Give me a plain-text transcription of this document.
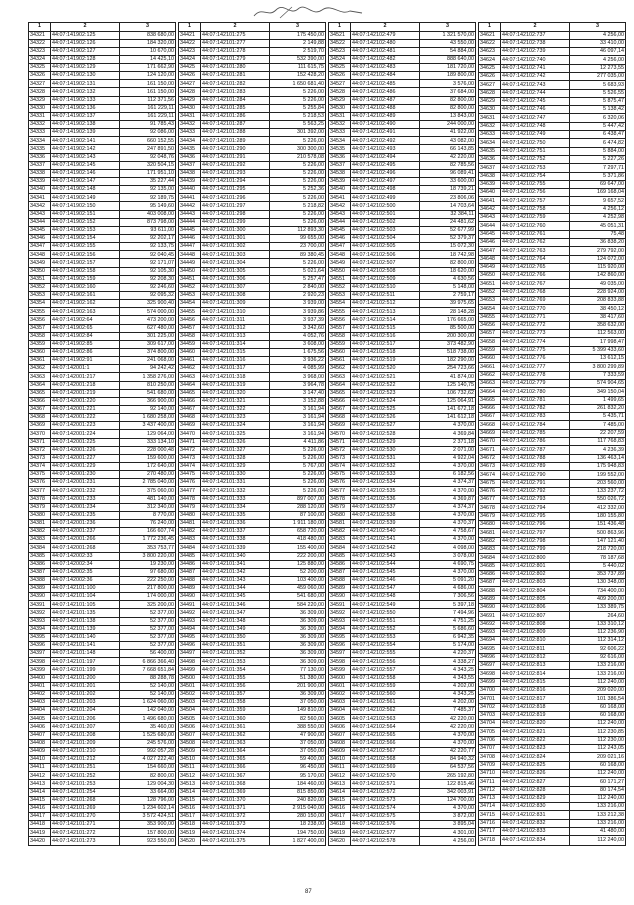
1	2	3
34321	44:07:141902:125	838 680,00
34322	44:07:141902:126	184 320,00
34323	44:07:141902:127	10 670,00
34324	44:07:141902:128	14 425,10
34325	44:07:141902:129	171 662,90
34326	44:07:141902:130	124 120,00
34327	44:07:141902:131	161 150,00
34328	44:07:141902:132	161 150,00
34329	44:07:141902:133	112 371,56
34330	44:07:141902:136	161 229,11
34331	44:07:141902:137	161 229,11
34332	44:07:141902:138	91 785,43
34333	44:07:141902:139	92 086,00
34334	44:07:141902:141	660 152,55
34335	44:07:141902:142	247 891,50
34336	44:07:141902:143	92 048,76
34337	44:07:141902:145	320 504,15
34338	44:07:141902:146	171 951,10
34339	44:07:141902:147	35 227,44
34340	44:07:141902:148	92 135,00
34341	44:07:141902:149	92 189,75
34342	44:07:141902:150	95 149,60
34343	44:07:141902:151	403 008,00
34344	44:07:141902:152	873 798,00
34345	44:07:141902:153	93 611,00
34346	44:07:141902:154	92 202,17
34347	44:07:141902:155	92 133,75
34348	44:07:141902:156	92 040,45
34349	44:07:141902:157	92 171,07
34350	44:07:141902:158	92 105,30
34351	44:07:141902:159	92 208,30
34352	44:07:141902:160	92 246,60
34353	44:07:141902:161	92 095,32
34354	44:07:141902:162	325 900,40
34355	44:07:141902:163	574 000,00
34356	44:07:141902:64	473 200,00
34357	44:07:141902:65	627 480,00
34358	44:07:141902:84	301 225,00
34359	44:07:141902:85	309 617,00
34360	44:07:141902:86	374 800,00
34361	44:07:141902:91	241 068,00
34362	44:07:142001:1	94 242,42
34363	44:07:142001:217	1 358 276,00
34364	44:07:142001:218	810 250,00
34365	44:07:142001:219	541 680,00
34366	44:07:142001:220	366 900,00
34367	44:07:142001:221	92 140,00
34368	44:07:142001:222	1 680 258,00
34369	44:07:142001:223	3 437 400,00
34370	44:07:142001:224	129 064,00
34371	44:07:142001:225	333 134,10
34372	44:07:142001:226	228 000,48
34373	44:07:142001:227	159 600,00
34374	44:07:142001:229	172 640,00
34375	44:07:142001:230	270 480,00
34376	44:07:142001:231	2 785 040,00
34377	44:07:142001:232	375 060,00
34378	44:07:142001:233	481 140,00
34379	44:07:142001:234	312 340,00
34380	44:07:142001:235	8 770,00
34381	44:07:142001:236	76 240,00
34382	44:07:142001:237	166 607,74
34383	44:07:142001:266	1 772 236,45
34384	44:07:142001:268	353 753,77
34385	44:07:142002:33	3 800 220,00
34386	44:07:142002:34	19 230,00
34387	44:07:142002:35	97 680,00
34388	44:07:142002:36	222 250,00
34389	44:07:142101:100	217 800,00
34390	44:07:142101:104	174 000,00
34391	44:07:142101:105	325 200,00
34392	44:07:142101:135	52 377,00
34393	44:07:142101:138	52 377,00
34394	44:07:142101:139	52 377,00
34395	44:07:142101:140	52 377,00
34396	44:07:142101:141	52 377,00
34397	44:07:142101:148	56 400,00
34398	44:07:142101:197	6 866 366,40
34399	44:07:142101:199	7 668 651,84
34400	44:07:142101:200	88 288,78
34401	44:07:142101:201	52 140,00
34402	44:07:142101:202	52 140,00
34403	44:07:142101:203	1 624 060,00
34404	44:07:142101:204	142 040,00
34405	44:07:142101:206	1 496 680,00
34406	44:07:142101:207	35 460,00
34407	44:07:142101:208	1 525 680,00
34408	44:07:142101:209	245 576,00
34409	44:07:142101:210	992 057,28
34410	44:07:142101:212	4 027 222,40
34411	44:07:142101:251	154 660,00
34412	44:07:142101:252	82 800,00
34413	44:07:142101:253	129 004,30
34414	44:07:142101:254	33 664,00
34415	44:07:142101:268	128 796,00
34416	44:07:142101:269	1 234 602,14
34417	44:07:142101:270	3 572 424,51
34418	44:07:142101:271	353 900,00
34419	44:07:142101:272	157 800,00
34420	44:07:142101:273	923 550,00
1	2	3
34421	44:07:142101:275	175 450,00
34422	44:07:142101:277	2 149,88
34423	44:07:142101:278	2 519,70
34424	44:07:142101:279	532 390,00
34425	44:07:142101:280	111 615,75
34426	44:07:142101:281	152 428,20
34427	44:07:142101:282	1 650 681,40
34428	44:07:142101:283	5 226,00
34429	44:07:142101:284	5 226,00
34430	44:07:142101:285	5 255,84
34431	44:07:142101:286	5 218,53
34432	44:07:142101:287	5 563,25
34433	44:07:142101:288	301 392,00
34434	44:07:142101:289	5 226,00
34435	44:07:142101:290	300 300,00
34436	44:07:142101:291	210 578,08
34437	44:07:142101:292	5 226,00
34438	44:07:142101:293	5 226,00
34439	44:07:142101:294	5 226,00
34440	44:07:142101:295	5 252,36
34441	44:07:142101:296	5 226,00
34442	44:07:142101:297	5 218,82
34443	44:07:142101:298	5 226,00
34444	44:07:142101:299	5 226,00
34445	44:07:142101:300	112 893,30
34446	44:07:142101:301	99 655,00
34447	44:07:142101:302	23 700,00
34448	44:07:142101:303	89 380,45
34449	44:07:142101:304	5 226,00
34450	44:07:142101:305	5 021,64
34451	44:07:142101:306	5 257,47
34452	44:07:142101:307	2 840,00
34453	44:07:142101:308	2 920,23
34454	44:07:142101:309	3 939,00
34455	44:07:142101:310	3 939,86
34456	44:07:142101:311	3 937,39
34457	44:07:142101:312	3 342,60
34458	44:07:142101:313	4 052,76
34459	44:07:142101:314	3 608,00
34460	44:07:142101:315	1 675,56
34461	44:07:142101:316	3 936,22
34462	44:07:142101:317	4 085,99
34463	44:07:142101:318	3 968,00
34464	44:07:142101:319	3 964,78
34465	44:07:142101:320	3 147,40
34466	44:07:142101:321	3 152,88
34467	44:07:142101:322	3 161,94
34468	44:07:142101:323	3 161,94
34469	44:07:142101:324	3 161,94
34470	44:07:142101:325	3 161,94
34471	44:07:142101:326	4 411,86
34472	44:07:142101:327	5 226,00
34473	44:07:142101:328	5 226,00
34474	44:07:142101:329	5 767,00
34475	44:07:142101:330	5 226,00
34476	44:07:142101:331	5 226,00
34477	44:07:142101:332	5 226,00
34478	44:07:142101:333	897 007,00
34479	44:07:142101:334	288 120,00
34480	44:07:142101:335	87 100,00
34481	44:07:142101:336	1 911 180,00
34482	44:07:142101:337	658 720,00
34483	44:07:142101:338	418 480,00
34484	44:07:142101:339	155 400,00
34485	44:07:142101:340	222 200,00
34486	44:07:142101:341	125 880,00
34487	44:07:142101:342	52 200,00
34488	44:07:142101:343	103 400,00
34489	44:07:142101:344	459 060,00
34490	44:07:142101:345	541 680,00
34491	44:07:142101:346	584 220,00
34492	44:07:142101:347	36 309,00
34493	44:07:142101:348	36 309,00
34494	44:07:142101:349	36 309,00
34495	44:07:142101:350	36 309,00
34496	44:07:142101:351	36 309,00
34497	44:07:142101:352	36 309,00
34498	44:07:142101:353	36 309,00
34499	44:07:142101:354	77 130,00
34500	44:07:142101:355	51 380,00
34501	44:07:142101:356	201 900,00
34502	44:07:142101:357	36 309,00
34503	44:07:142101:358	37 050,00
34504	44:07:142101:359	149 810,00
34505	44:07:142101:360	82 560,00
34506	44:07:142101:361	388 550,00
34507	44:07:142101:362	47 900,00
34508	44:07:142101:363	37 050,00
34509	44:07:142101:364	37 050,00
34510	44:07:142101:365	59 400,00
34511	44:07:142101:366	96 450,00
34512	44:07:142101:367	95 170,00
34513	44:07:142101:368	184 460,00
34514	44:07:142101:369	815 850,00
34515	44:07:142101:370	240 820,00
34516	44:07:142101:371	2 915 040,00
34517	44:07:142101:372	280 150,00
34518	44:07:142101:373	18 238,00
34519	44:07:142101:374	194 750,00
34520	44:07:142101:375	1 827 400,00
1	2	3
34521	44:07:142102:479	1 321 570,00
34522	44:07:142102:480	43 550,00
34523	44:07:142102:481	54 884,00
34524	44:07:142102:482	888 640,00
34525	44:07:142102:483	181 720,00
34526	44:07:142102:484	189 800,00
34527	44:07:142102:485	3 576,00
34528	44:07:142102:486	37 684,00
34529	44:07:142102:487	82 800,00
34530	44:07:142102:488	82 800,00
34531	44:07:142102:489	13 843,00
34532	44:07:142102:490	244 000,00
34533	44:07:142102:491	41 922,00
34534	44:07:142102:492	43 082,00
34535	44:07:142102:493	66 143,85
34536	44:07:142102:494	42 220,00
34537	44:07:142102:495	82 785,56
34538	44:07:142102:496	96 089,41
34539	44:07:142102:497	33 600,00
34540	44:07:142102:498	18 739,21
34541	44:07:142102:499	23 806,06
34542	44:07:142102:500	14 703,64
34543	44:07:142102:501	32 384,11
34544	44:07:142102:502	24 481,62
34545	44:07:142102:503	52 677,99
34546	44:07:142102:504	52 379,37
34547	44:07:142102:505	15 072,30
34548	44:07:142102:506	18 742,98
34549	44:07:142102:507	82 800,00
34550	44:07:142102:508	18 620,00
34551	44:07:142102:509	4 630,56
34552	44:07:142102:510	5 148,00
34553	44:07:142102:511	2 759,17
34554	44:07:142102:512	39 975,65
34555	44:07:142102:513	28 148,28
34556	44:07:142102:514	176 665,00
34557	44:07:142102:515	85 500,00
34558	44:07:142102:516	200 300,00
34559	44:07:142102:517	373 482,90
34560	44:07:142102:518	518 738,00
34561	44:07:142102:519	182 290,00
34562	44:07:142102:520	254 723,66
34563	44:07:142102:521	41 874,00
34564	44:07:142102:522	125 140,75
34565	44:07:142102:523	106 732,62
34566	44:07:142102:524	125 064,91
34567	44:07:142102:525	141 672,18
34568	44:07:142102:526	141 612,18
34569	44:07:142102:527	4 370,00
34570	44:07:142102:528	4 369,84
34571	44:07:142102:529	2 371,18
34572	44:07:142102:530	2 071,00
34573	44:07:142102:531	4 922,04
34574	44:07:142102:532	4 370,00
34575	44:07:142102:533	6 182,56
34576	44:07:142102:534	4 374,37
34577	44:07:142102:535	4 370,00
34578	44:07:142102:536	4 369,87
34579	44:07:142102:537	4 374,37
34580	44:07:142102:538	4 370,00
34581	44:07:142102:539	4 370,37
34582	44:07:142102:540	4 758,67
34583	44:07:142102:541	4 370,00
34584	44:07:142102:542	4 098,00
34585	44:07:142102:543	3 078,00
34586	44:07:142102:544	4 690,75
34587	44:07:142102:545	4 370,00
34588	44:07:142102:546	5 091,20
34589	44:07:142102:547	4 686,00
34590	44:07:142102:548	7 306,56
34591	44:07:142102:549	5 397,18
34592	44:07:142102:550	7 494,96
34593	44:07:142102:551	4 751,25
34594	44:07:142102:552	5 686,60
34595	44:07:142102:553	6 942,35
34596	44:07:142102:554	5 174,00
34597	44:07:142102:555	4 220,37
34598	44:07:142102:556	4 338,27
34599	44:07:142102:557	4 343,25
34600	44:07:142102:558	4 343,55
34601	44:07:142102:559	4 202,00
34602	44:07:142102:560	4 343,25
34603	44:07:142102:561	4 202,00
34604	44:07:142102:562	7 485,37
34605	44:07:142102:563	42 220,00
34606	44:07:142102:564	42 220,00
34607	44:07:142102:565	4 370,00
34608	44:07:142102:566	4 370,00
34609	44:07:142102:567	42 220,77
34610	44:07:142102:568	84 940,32
34611	44:07:142102:569	64 537,56
34612	44:07:142102:570	265 192,80
34613	44:07:142102:571	122 815,46
34614	44:07:142102:572	342 003,91
34615	44:07:142102:573	124 700,00
34616	44:07:142102:574	4 370,00
34617	44:07:142102:575	3 872,00
34618	44:07:142102:576	3 895,04
34619	44:07:142102:577	4 301,00
34620	44:07:142102:578	4 256,00
1	2	3
34621	44:07:142102:737	4 256,00
34622	44:07:142102:738	33 410,00
34623	44:07:142102:739	46 097,14
34624	44:07:142102:740	4 256,00
34625	44:07:142102:741	12 273,55
34626	44:07:142102:742	277 035,00
34627	44:07:142102:743	5 683,93
34628	44:07:142102:744	5 526,55
34629	44:07:142102:745	5 875,47
34630	44:07:142102:746	5 138,42
34631	44:07:142102:747	6 320,06
34632	44:07:142102:748	5 447,42
34633	44:07:142102:749	6 438,47
34634	44:07:142102:750	6 474,82
34635	44:07:142102:751	5 884,00
34636	44:07:142102:752	5 227,26
34637	44:07:142102:753	7 297,71
34638	44:07:142102:754	5 371,86
34639	44:07:142102:755	69 647,00
34640	44:07:142102:756	169 168,04
34641	44:07:142102:757	9 657,52
34642	44:07:142102:758	4 256,12
34643	44:07:142102:759	4 252,98
34644	44:07:142102:760	45 051,31
34645	44:07:142102:761	75,48
34646	44:07:142102:762	36 838,20
34647	44:07:142102:763	279 792,00
34648	44:07:142102:764	124 072,00
34649	44:07:142102:765	115 920,00
34650	44:07:142102:766	142 860,00
34651	44:07:142102:767	49 035,00
34652	44:07:142102:768	228 924,00
34653	44:07:142102:769	208 833,88
34654	44:07:142102:770	38 450,12
34655	44:07:142102:771	38 417,60
34656	44:07:142102:772	358 632,00
34657	44:07:142102:773	112 563,00
34658	44:07:142102:774	17 998,47
34659	44:07:142102:775	5 399 433,60
34660	44:07:142102:776	13 612,15
34661	44:07:142102:777	3 800 299,89
34662	44:07:142102:778	7 333,59
34663	44:07:142102:779	574 904,65
34664	44:07:142102:780	349 150,04
34665	44:07:142102:781	1 499,65
34666	44:07:142102:782	261 832,20
34667	44:07:142102:783	5 435,71
34668	44:07:142102:784	7 485,00
34669	44:07:142102:785	22 207,59
34670	44:07:142102:786	117 768,83
34671	44:07:142102:787	4 236,39
34672	44:07:142102:788	136 463,14
34673	44:07:142102:789	175 948,83
34674	44:07:142102:790	199 552,00
34675	44:07:142102:791	203 560,00
34676	44:07:142102:792	133 237,72
34677	44:07:142102:793	550 026,72
34678	44:07:142102:794	412 332,00
34679	44:07:142102:795	180 155,80
34680	44:07:142102:796	151 436,48
34681	44:07:142102:797	500 863,96
34682	44:07:142102:798	147 121,40
34683	44:07:142102:799	218 720,00
34684	44:07:142102:800	78 187,68
34685	44:07:142102:801	5 440,02
34686	44:07:142102:802	353 737,89
34687	44:07:142102:803	130 348,00
34688	44:07:142102:804	734 400,00
34689	44:07:142102:805	409 200,00
34690	44:07:142102:806	133 389,75
34691	44:07:142102:807	264,60
34692	44:07:142102:808	133 310,12
34693	44:07:142102:809	112 236,90
34694	44:07:142102:810	112 314,12
34695	44:07:142102:811	92 606,22
34696	44:07:142102:812	92 616,00
34697	44:07:142102:813	133 216,00
34698	44:07:142102:814	133 216,00
34699	44:07:142102:815	112 240,00
34700	44:07:142102:816	209 020,00
34701	44:07:142102:817	101 386,54
34702	44:07:142102:818	60 168,00
34703	44:07:142102:819	60 168,00
34704	44:07:142102:820	112 240,00
34705	44:07:142102:821	112 230,85
34706	44:07:142102:822	112 230,00
34707	44:07:142102:823	112 243,05
34708	44:07:142102:824	209 021,16
34709	44:07:142102:825	60 168,00
34710	44:07:142102:826	112 240,00
34711	44:07:142102:827	60 171,27
34712	44:07:142102:828	80 174,54
34713	44:07:142102:829	112 240,00
34714	44:07:142102:830	133 216,00
34715	44:07:142102:831	133 212,38
34716	44:07:142102:832	133 216,00
34717	44:07:142102:833	41 480,00
34718	44:07:142102:834	112 240,00
87
